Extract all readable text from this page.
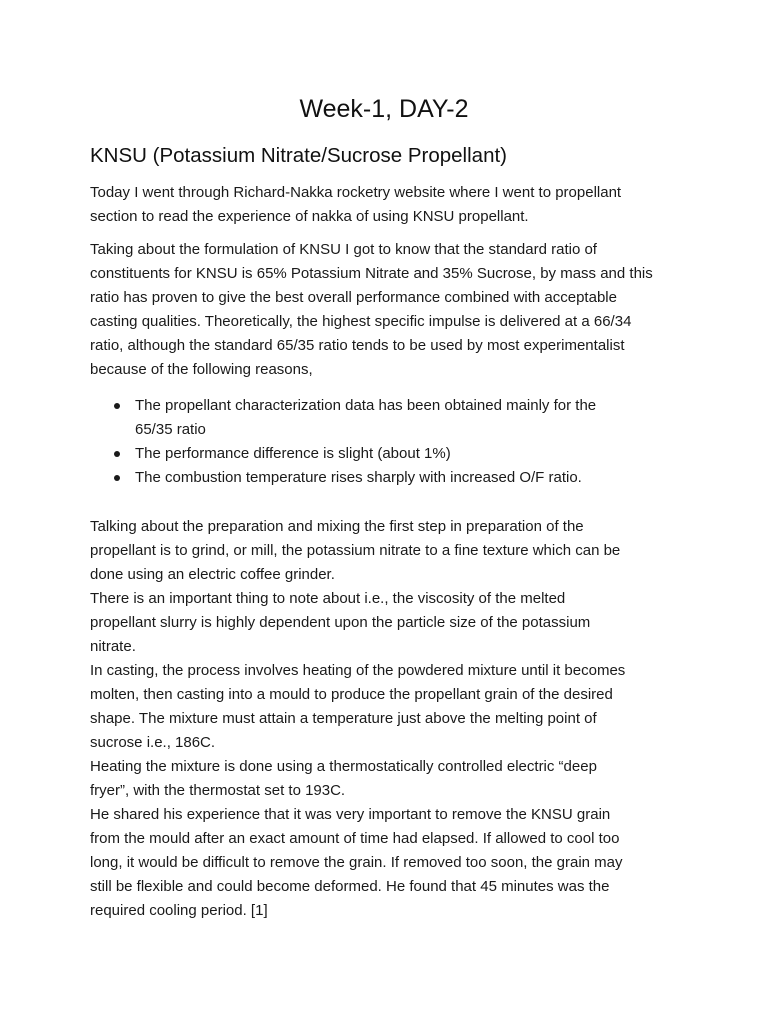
Week-1, DAY-2
KNSU (Potassium Nitrate/Sucrose Propellant)
Today I went through Richard-Nakka rocketry website where I went to propellant
section to read the experience of nakka of using KNSU propellant.
Taking about the formulation of KNSU I got to know that the standard ratio of
constituents for KNSU is 65% Potassium Nitrate and 35% Sucrose, by mass and this
ratio has proven to give the best overall performance combined with acceptable
casting qualities. Theoretically, the highest specific impulse is delivered at a 66/34
ratio, although the standard 65/35 ratio tends to be used by most experimentalist
because of the following reasons,
The propellant characterization data has been obtained mainly for the
65/35 ratio
The performance difference is slight (about 1%)
The combustion temperature rises sharply with increased O/F ratio.
Talking about the preparation and mixing the first step in preparation of the
propellant is to grind, or mill, the potassium nitrate to a fine texture which can be
done using an electric coffee grinder.
There is an important thing to note about i.e., the viscosity of the melted
propellant slurry is highly dependent upon the particle size of the potassium
nitrate.
In casting, the process involves heating of the powdered mixture until it becomes
molten, then casting into a mould to produce the propellant grain of the desired
shape. The mixture must attain a temperature just above the melting point of
sucrose i.e., 186C.
Heating the mixture is done using a thermostatically controlled electric “deep
fryer”, with the thermostat set to 193C.
He shared his experience that it was very important to remove the KNSU grain
from the mould after an exact amount of time had elapsed. If allowed to cool too
long, it would be difficult to remove the grain. If removed too soon, the grain may
still be flexible and could become deformed. He found that 45 minutes was the
required cooling period. [1]
